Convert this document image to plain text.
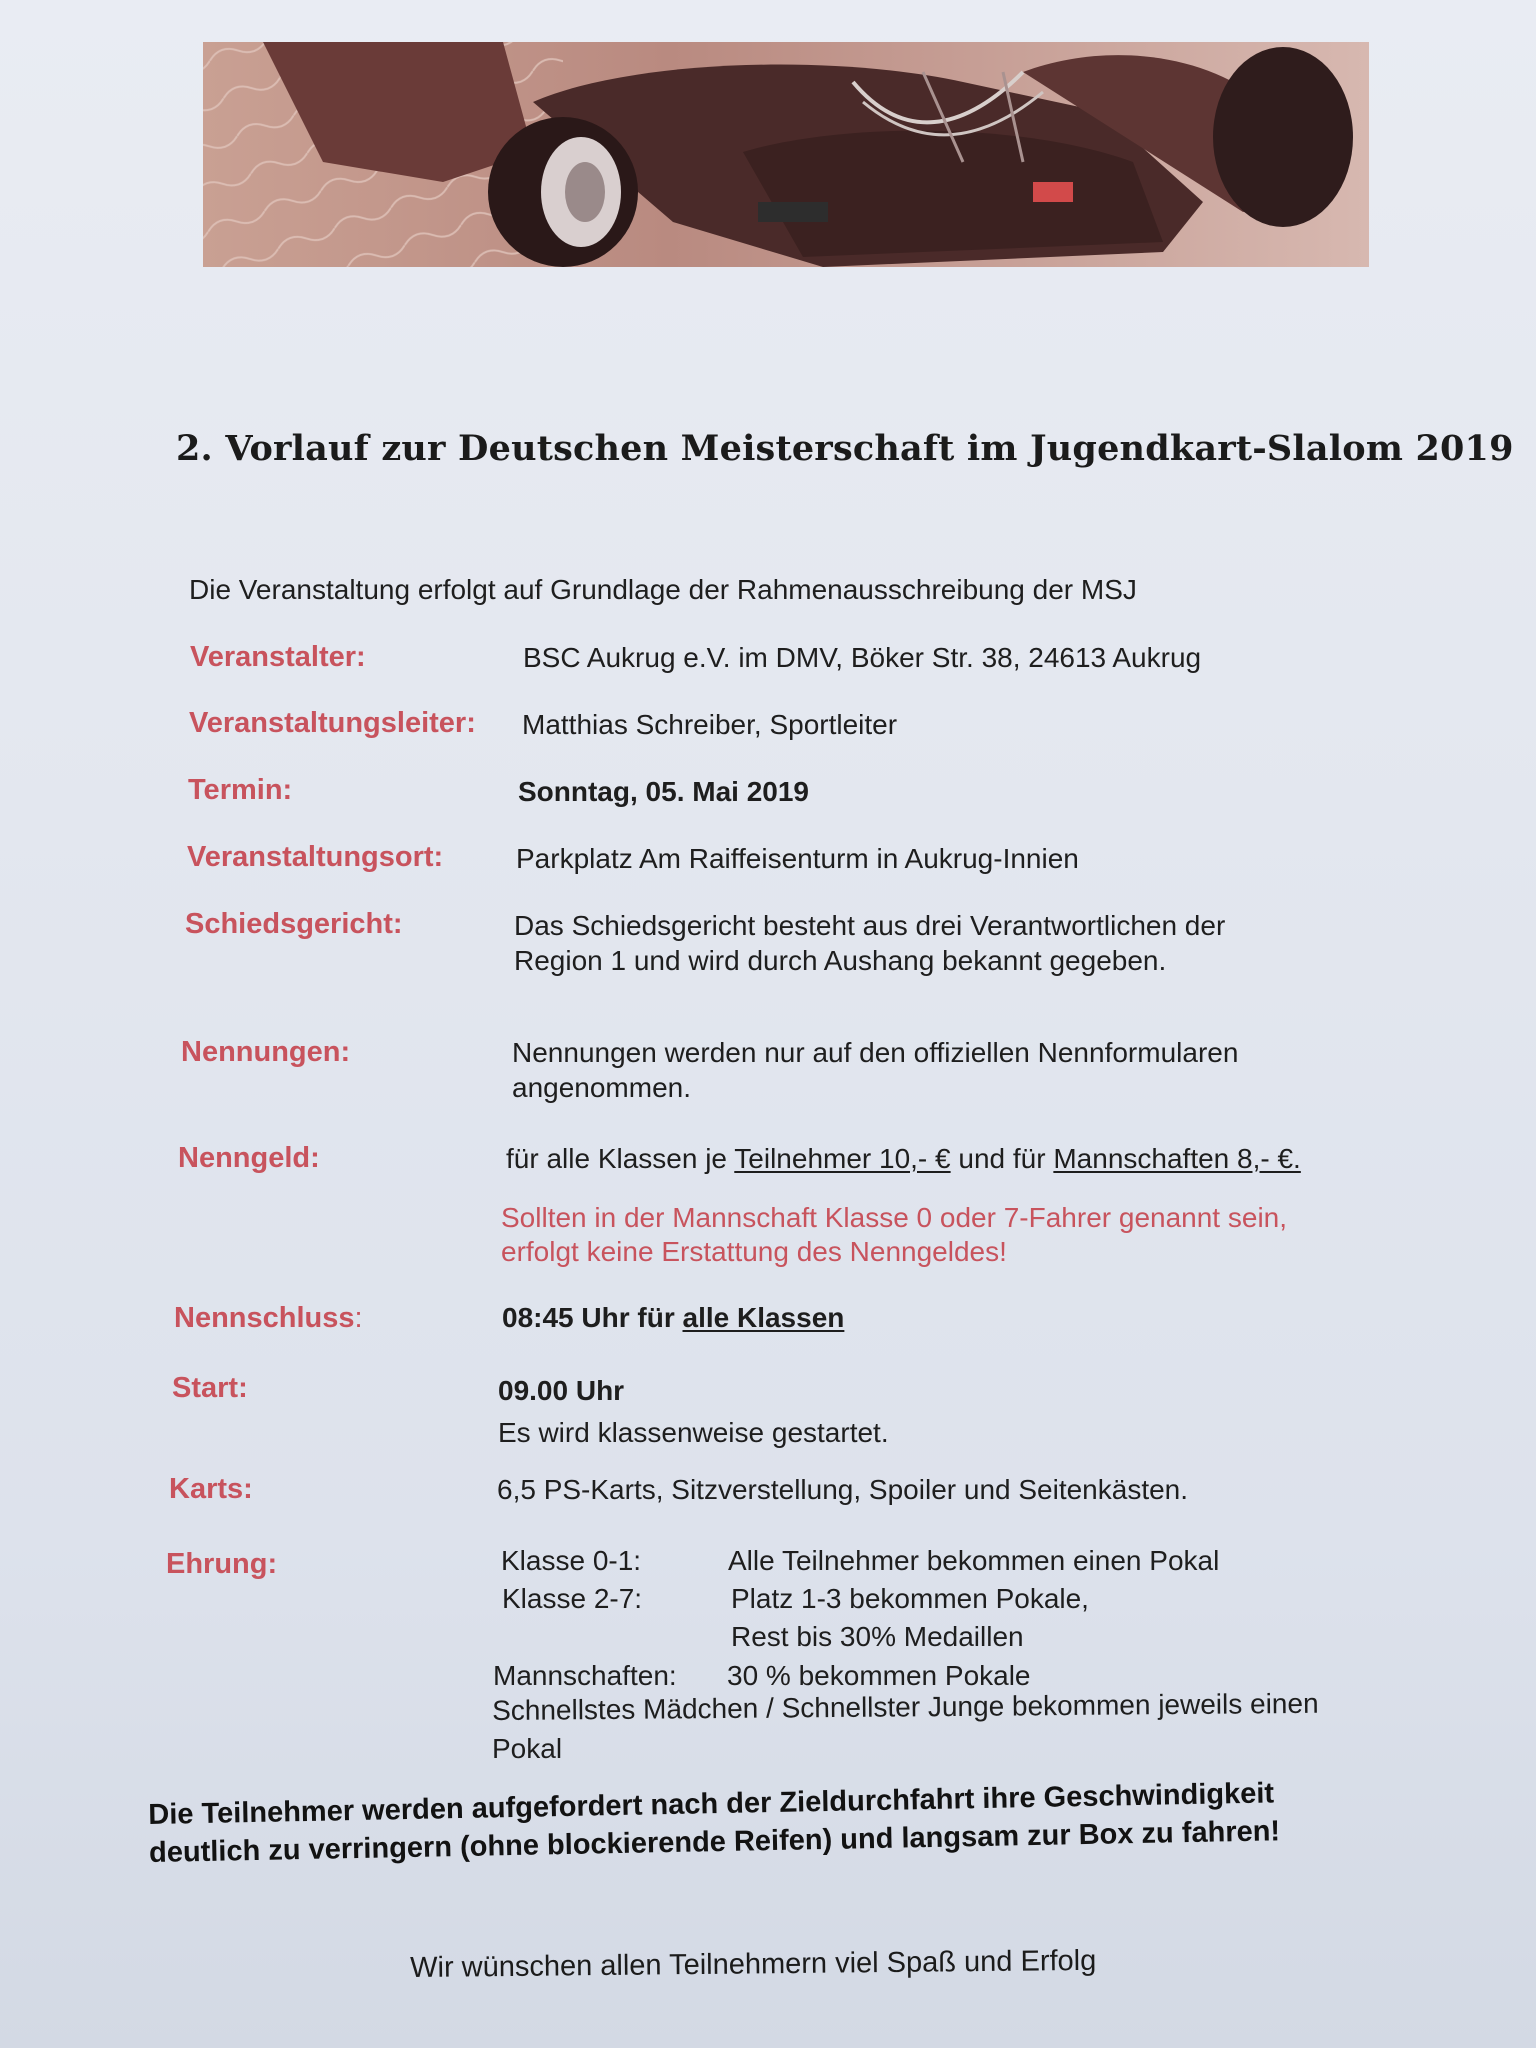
2. Vorlauf zur Deutschen Meisterschaft im Jugendkart-Slalom 2019
Die Veranstaltung erfolgt auf Grundlage der Rahmenausschreibung der MSJ
Veranstalter:	BSC Aukrug e.V. im DMV, Böker Str. 38, 24613 Aukrug
Veranstaltungsleiter: Matthias Schreiber, Sportleiter
Termin:	Sonntag, 05. Mai 2019
Veranstaltungsort:	Parkplatz Am Raiffeisenturm in Aukrug-Innien
Schiedsgericht:	Das Schiedsgericht besteht aus drei Verantwortlichen der
Region 1 und wird durch Aushang bekannt gegeben.
Nennungen:	Nennungen werden nur auf den offiziellen Nennformularen
angenommen.
Nenngeld:	für alle Klassen je Teilnehmer 10,- € und für Mannschaften 8,- €.
Sollten in der Mannschaft Klasse 0 oder 7-Fahrer genannt sein,
erfolgt keine Erstattung des Nenngeldes!
Nennschluss:	08:45 Uhr für alle Klassen
Start:	09.00 Uhr
Es wird klassenweise gestartet.
Karts:	6,5 PS-Karts, Sitzverstellung, Spoiler und Seitenkästen.
Ehrung:	Klasse 0-1:	Alle Teilnehmer bekommen einen Pokal
Klasse 2-7:	Platz 1-3 bekommen Pokale,
Rest bis 30% Medaillen
Mannschaften: 30 % bekommen Pokale
Schnellstes Mädchen / Schnellster Junge bekommen jeweils einen
Pokal
Die Teilnehmer werden aufgefordert nach der Zieldurchfahrt ihre Geschwindigkeit
deutlich zu verringern (ohne blockierende Reifen) und langsam zur Box zu fahren!
Wir wünschen allen Teilnehmern viel Spaß und Erfolg
